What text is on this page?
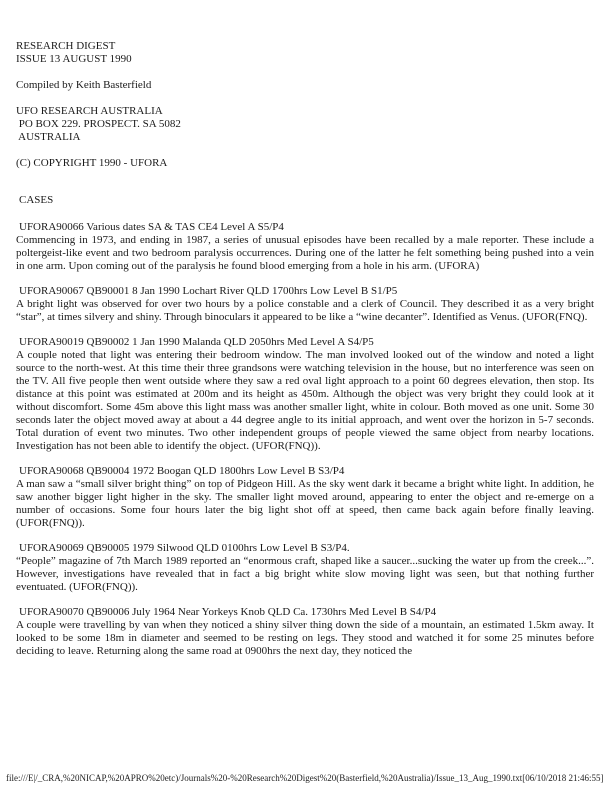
RESEARCH DIGEST

ISSUE 13 AUGUST 1990

Compiled by Keith Basterfield

UFO RESEARCH AUSTRALIA

PO BOX 229. PROSPECT. SA 5082

AUSTRALIA

(C) COPYRIGHT 1990 - UFORA

CASES

UFORA90066 Various dates SA & TAS CE4 Level A S5/P4

Commencing in 1973, and ending in 1987, a series of unusual episodes have been recalled by a male reporter. These include a poltergeist-like event and two bedroom paralysis occurrences. During one of the latter he felt something being pushed into a vein in one arm. Upon coming out of the paralysis he found blood emerging from a hole in his arm. (UFORA)

UFORA90067 QB90001 8 Jan 1990 Lochart River QLD 1700hrs Low Level B S1/P5

A bright light was observed for over two hours by a police constable and a clerk of Council. They described it as a very bright “star”, at times silvery and shiny. Through binoculars it appeared to be like a “wine decanter”. Identified as Venus. (UFOR(FNQ).

UFORA90019 QB90002 1 Jan 1990 Malanda QLD 2050hrs Med Level A S4/P5

A couple noted that light was entering their bedroom window. The man involved looked out of the window and noted a light source to the north-west. At this time their three grandsons were watching television in the house, but no interference was seen on the TV. All five people then went outside where they saw a red oval light approach to a point 60 degrees elevation, then stop. Its distance at this point was estimated at 200m and its height as 450m. Although the object was very bright they could look at it without discomfort. Some 45m above this light mass was another smaller light, white in colour. Both moved as one unit. Some 30 seconds later the object moved away at about a 44 degree angle to its initial approach, and went over the horizon in 5-7 seconds. Total duration of event two minutes. Two other independent groups of people viewed the same object from nearby locations. Investigation has not been able to identify the object. (UFOR(FNQ)).

UFORA90068 QB90004 1972 Boogan QLD 1800hrs Low Level B S3/P4

A man saw a “small silver bright thing” on top of Pidgeon Hill. As the sky went dark it became a bright white light. In addition, he saw another bigger light higher in the sky. The smaller light moved around, appearing to enter the object and re-emerge on a number of occasions. Some four hours later the big light shot off at speed, then came back again before finally leaving. (UFOR(FNQ)).

UFORA90069 QB90005 1979 Silwood QLD 0100hrs Low Level B S3/P4.

“People” magazine of 7th March 1989 reported an “enormous craft, shaped like a saucer...sucking the water up from the creek...”. However, investigations have revealed that in fact a big bright white slow moving light was seen, but that nothing further eventuated. (UFOR(FNQ)).

UFORA90070 QB90006 July 1964 Near Yorkeys Knob QLD Ca. 1730hrs Med Level B S4/P4

A couple were travelling by van when they noticed a shiny silver thing down the side of a mountain, an estimated 1.5km away. It looked to be some 18m in diameter and seemed to be resting on legs. They stood and watched it for some 25 minutes before deciding to leave. Returning along the same road at 0900hrs the next day, they noticed the

file:///E|/_CRA,%20NICAP,%20APRO%20etc)/Journals%20-%20Research%20Digest%20(Basterfield,%20Australia)/Issue_13_Aug_1990.txt[06/10/2018 21:46:55]
